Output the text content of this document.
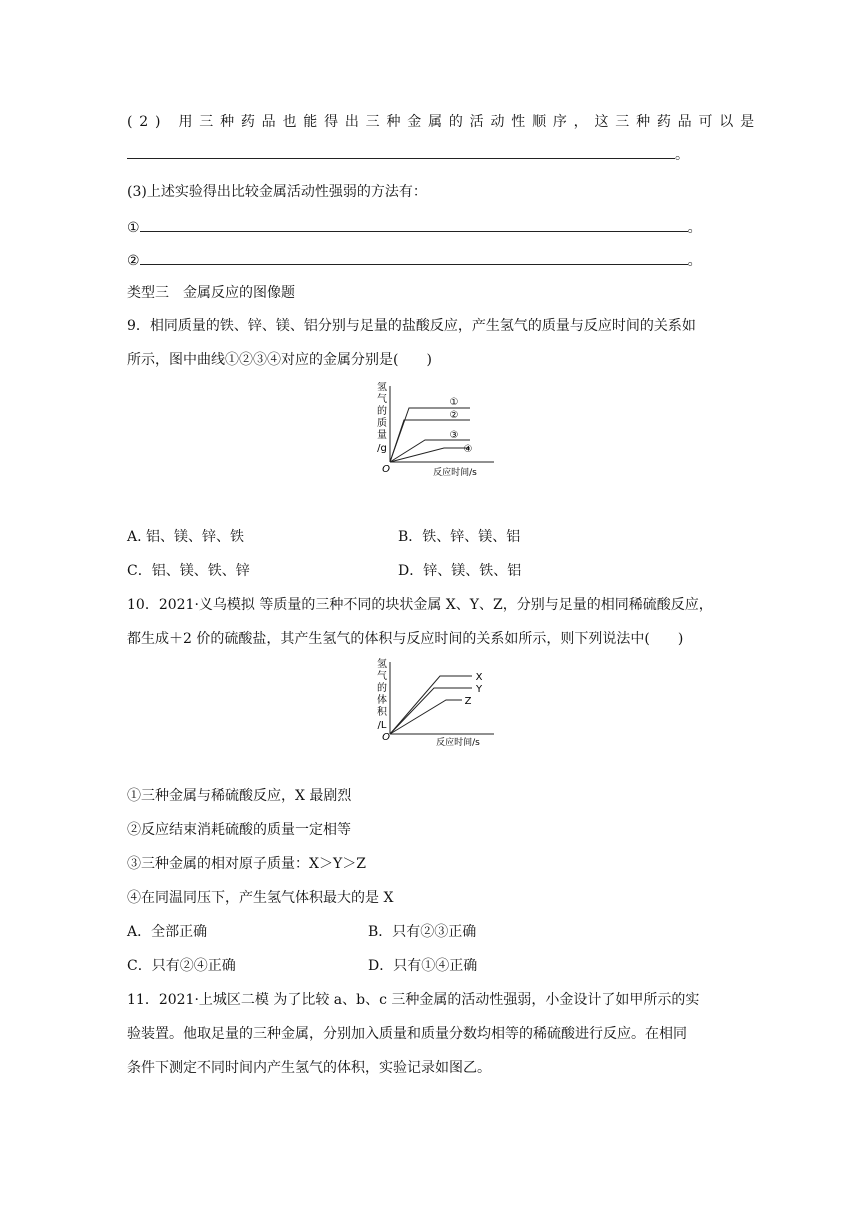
(2) 用三种药品也能得出三种金属的活动性顺序，这三种药品可以是
。
(3)上述实验得出比较金属活动性强弱的方法有：
①	。
②	。
类型三　金属反应的图像题
9．相同质量的铁、锌、镁、铝分别与足量的盐酸反应，产生氢气的质量与反应时间的关系如
所示，图中曲线①②③④对应的金属分别是(　　)
氢
气
的
质
量
/g
O	反应时间/s
①
②
③
④
A. 铝、镁、锌、铁	B．铁、锌、镁、铝
C．铝、镁、铁、锌	D．锌、镁、铁、铝
10．2021·义乌模拟 等质量的三种不同的块状金属 X、Y、Z，分别与足量的相同稀硫酸反应，
都生成＋2 价的硫酸盐，其产生氢气的体积与反应时间的关系如所示，则下列说法中(　　)
氢
气
的
体
积
/L
O	反应时间/s
X
Y
Z
①三种金属与稀硫酸反应，X 最剧烈
②反应结束消耗硫酸的质量一定相等
③三种金属的相对原子质量：X＞Y＞Z
④在同温同压下，产生氢气体积最大的是 X
A．全部正确	B．只有②③正确
C．只有②④正确	D．只有①④正确
11．2021·上城区二模 为了比较 a、b、c 三种金属的活动性强弱，小金设计了如甲所示的实
验装置。他取足量的三种金属，分别加入质量和质量分数均相等的稀硫酸进行反应。在相同
条件下测定不同时间内产生氢气的体积，实验记录如图乙。
